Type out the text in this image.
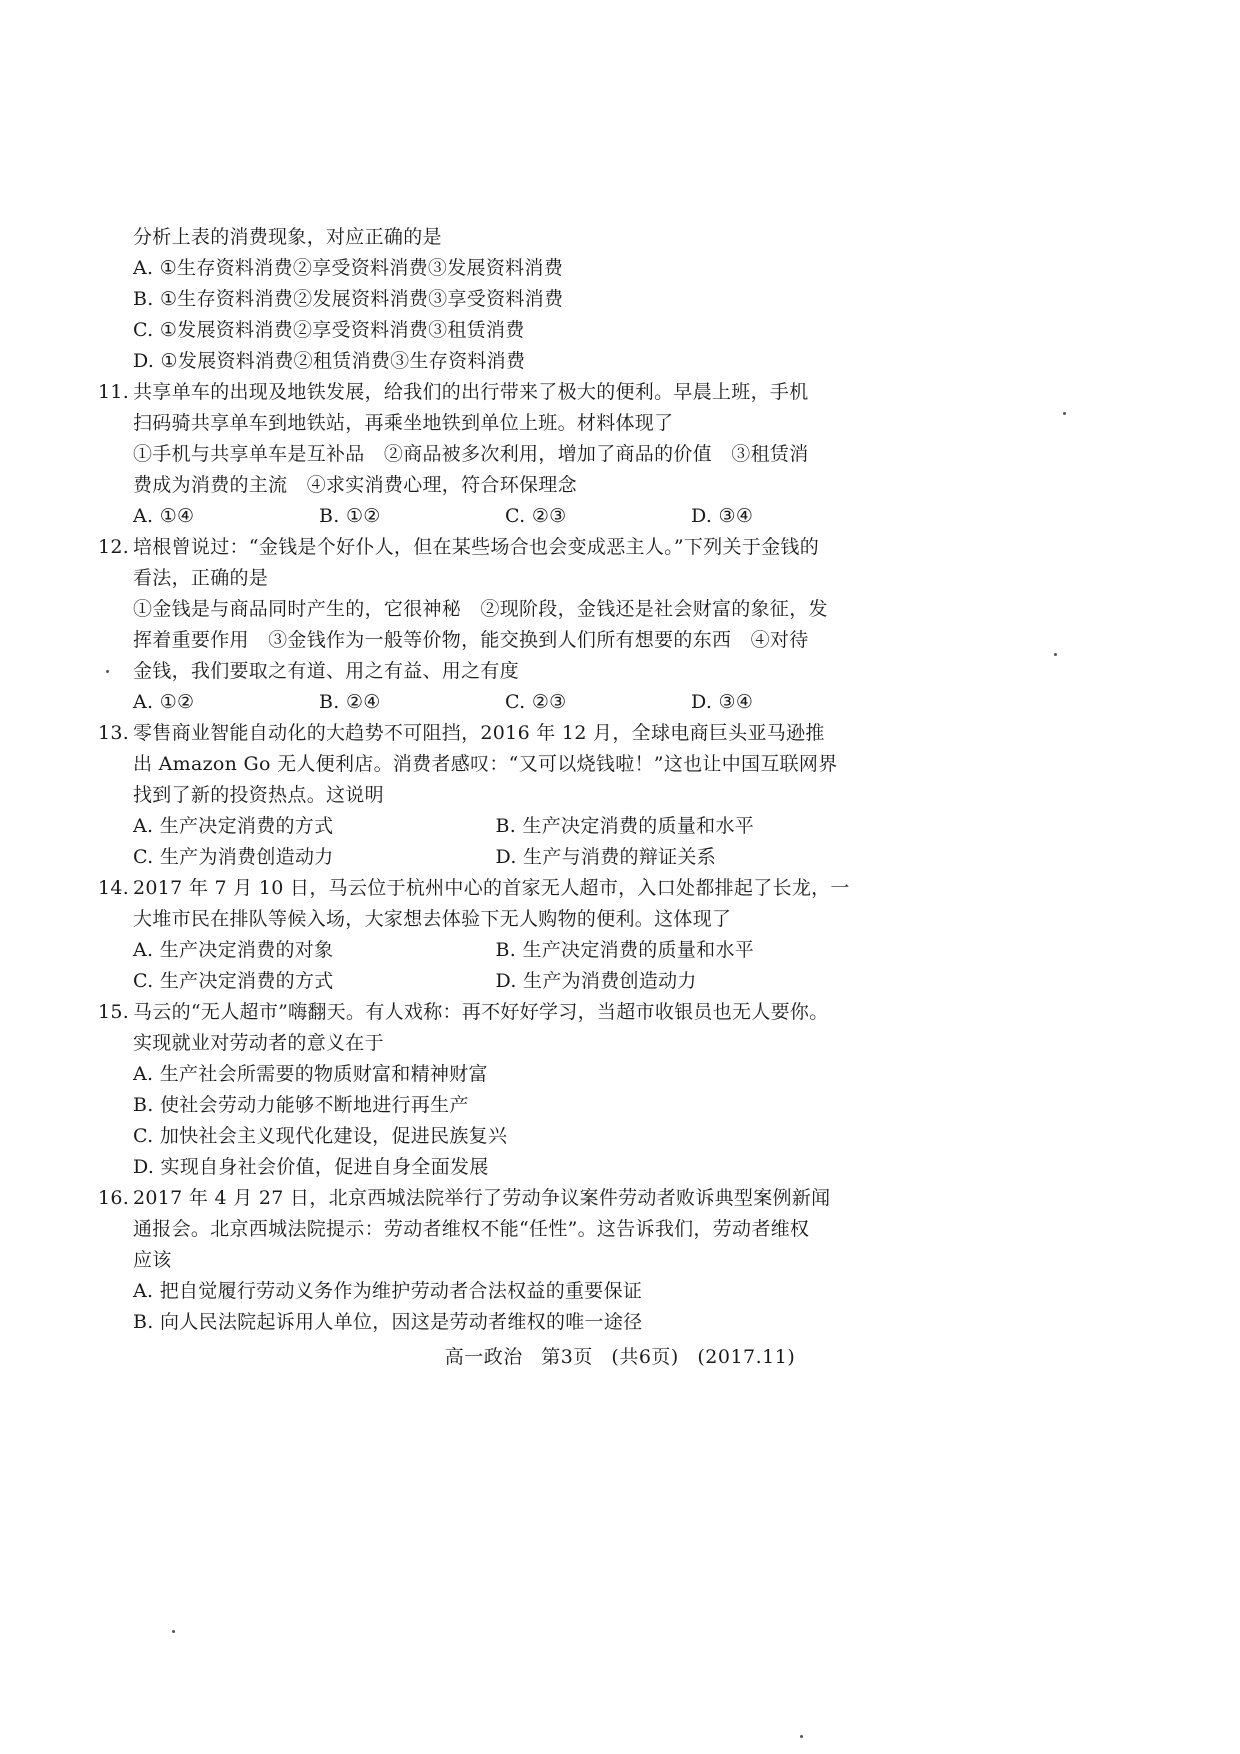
分析上表的消费现象，对应正确的是
A. ①生存资料消费②享受资料消费③发展资料消费
B. ①生存资料消费②发展资料消费③享受资料消费
C. ①发展资料消费②享受资料消费③租赁消费
D. ①发展资料消费②租赁消费③生存资料消费
11. 共享单车的出现及地铁发展，给我们的出行带来了极大的便利。早晨上班，手机
扫码骑共享单车到地铁站，再乘坐地铁到单位上班。材料体现了
①手机与共享单车是互补品　②商品被多次利用，增加了商品的价值　③租赁消
费成为消费的主流　④求实消费心理，符合环保理念
A. ①④	B. ①②	C. ②③	D. ③④
12. 培根曾说过：“金钱是个好仆人，但在某些场合也会变成恶主人。”下列关于金钱的
看法，正确的是
①金钱是与商品同时产生的，它很神秘　②现阶段，金钱还是社会财富的象征，发
挥着重要作用　③金钱作为一般等价物，能交换到人们所有想要的东西　④对待
金钱，我们要取之有道、用之有益、用之有度
A. ①②	B. ②④	C. ②③	D. ③④
13. 零售商业智能自动化的大趋势不可阻挡，2016 年 12 月，全球电商巨头亚马逊推
出 Amazon Go 无人便利店。消费者感叹：“又可以烧钱啦！”这也让中国互联网界
找到了新的投资热点。这说明
A. 生产决定消费的方式	B. 生产决定消费的质量和水平
C. 生产为消费创造动力	D. 生产与消费的辩证关系
14. 2017 年 7 月 10 日，马云位于杭州中心的首家无人超市，入口处都排起了长龙，一
大堆市民在排队等候入场，大家想去体验下无人购物的便利。这体现了
A. 生产决定消费的对象	B. 生产决定消费的质量和水平
C. 生产决定消费的方式	D. 生产为消费创造动力
15. 马云的“无人超市”嗨翻天。有人戏称：再不好好学习，当超市收银员也无人要你。
实现就业对劳动者的意义在于
A. 生产社会所需要的物质财富和精神财富
B. 使社会劳动力能够不断地进行再生产
C. 加快社会主义现代化建设，促进民族复兴
D. 实现自身社会价值，促进自身全面发展
16. 2017 年 4 月 27 日，北京西城法院举行了劳动争议案件劳动者败诉典型案例新闻
通报会。北京西城法院提示：劳动者维权不能“任性”。这告诉我们，劳动者维权
应该
A. 把自觉履行劳动义务作为维护劳动者合法权益的重要保证
B. 向人民法院起诉用人单位，因这是劳动者维权的唯一途径
高一政治 第3页 (共6页) (2017.11)
